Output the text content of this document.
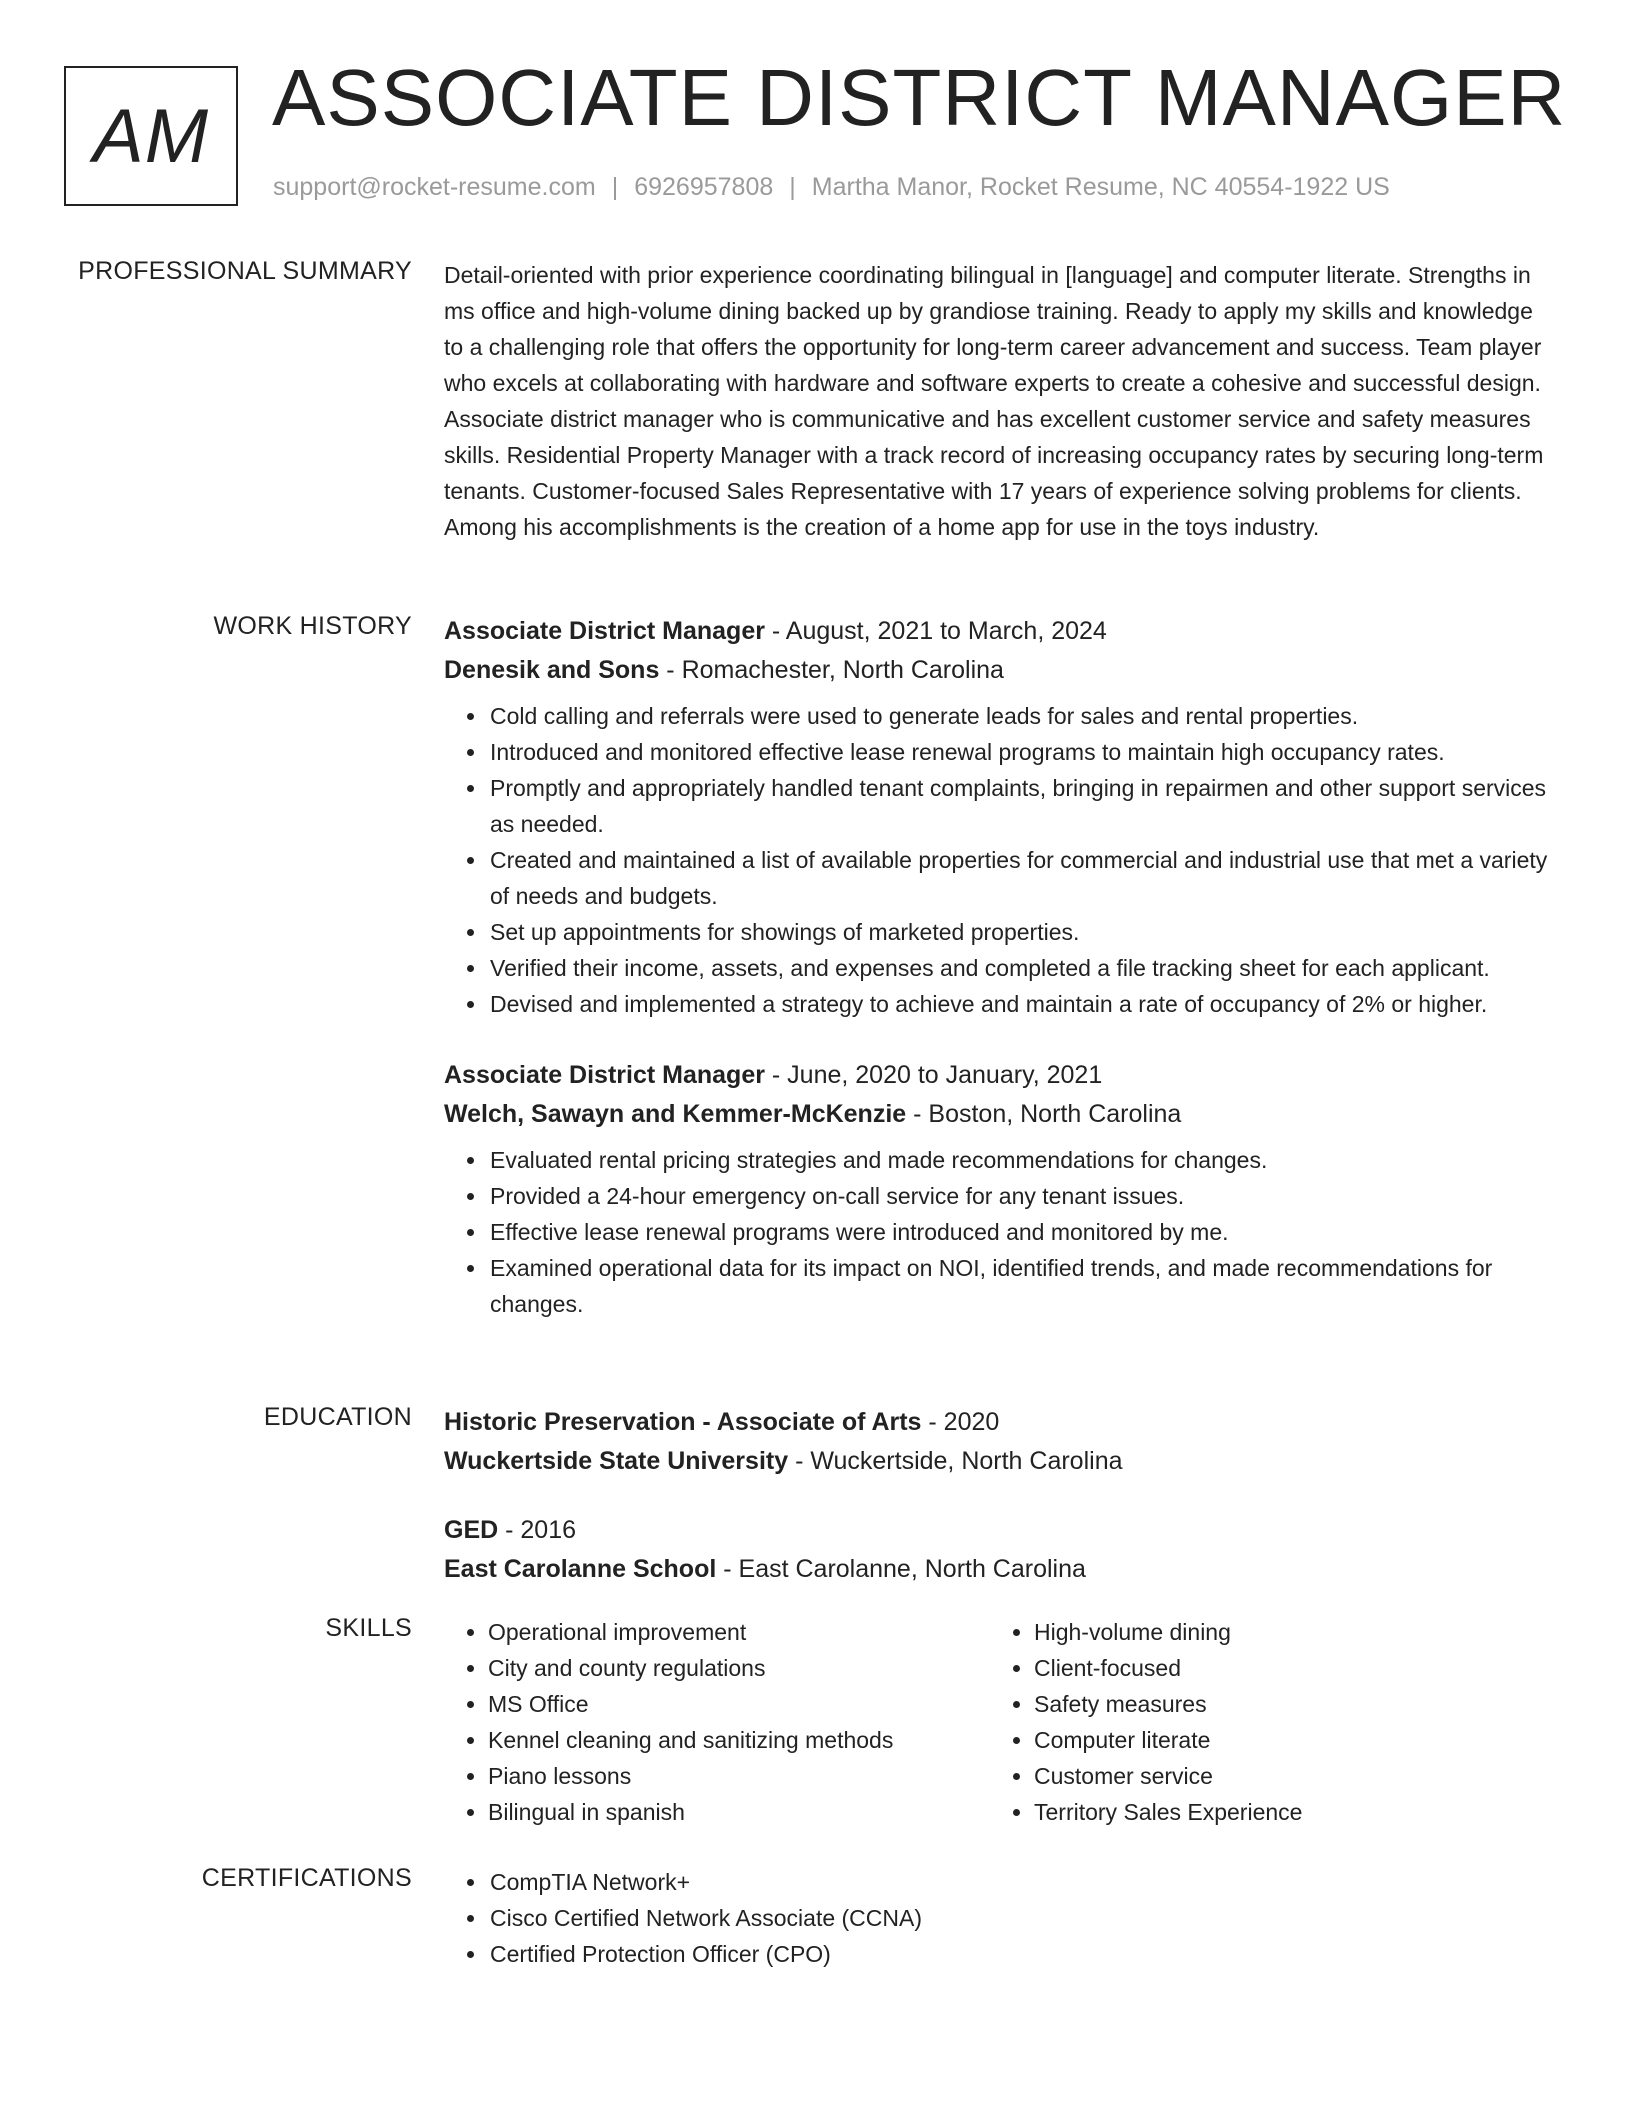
AM ASSOCIATE DISTRICT MANAGER
support@rocket-resume.com | 6926957808 | Martha Manor, Rocket Resume, NC 40554-1922 US
PROFESSIONAL SUMMARY Detail-oriented with prior experience coordinating bilingual in [language] and computer literate. Strengths in ms office and high-volume dining backed up by grandiose training. Ready to apply my skills and knowledge to a challenging role that offers the opportunity for long-term career advancement and success. Team player who excels at collaborating with hardware and software experts to create a cohesive and successful design. Associate district manager who is communicative and has excellent customer service and safety measures skills. Residential Property Manager with a track record of increasing occupancy rates by securing long-term tenants. Customer-focused Sales Representative with 17 years of experience solving problems for clients. Among his accomplishments is the creation of a home app for use in the toys industry.

WORK HISTORY Associate District Manager - August, 2021 to March, 2024
Denesik and Sons - Romachester, North Carolina
• Cold calling and referrals were used to generate leads for sales and rental properties.
• Introduced and monitored effective lease renewal programs to maintain high occupancy rates.
• Promptly and appropriately handled tenant complaints, bringing in repairmen and other support services as needed.
• Created and maintained a list of available properties for commercial and industrial use that met a variety of needs and budgets.
• Set up appointments for showings of marketed properties.
• Verified their income, assets, and expenses and completed a file tracking sheet for each applicant.
• Devised and implemented a strategy to achieve and maintain a rate of occupancy of 2% or higher.
Associate District Manager - June, 2020 to January, 2021
Welch, Sawayn and Kemmer-McKenzie - Boston, North Carolina
• Evaluated rental pricing strategies and made recommendations for changes.
• Provided a 24-hour emergency on-call service for any tenant issues.
• Effective lease renewal programs were introduced and monitored by me.
• Examined operational data for its impact on NOI, identified trends, and made recommendations for changes.
EDUCATION Historic Preservation - Associate of Arts - 2020
Wuckertside State University - Wuckertside, North Carolina
GED - 2016
East Carolanne School - East Carolanne, North Carolina
SKILLS	• Operational improvement
• City and county regulations
• MS Office
• Kennel cleaning and sanitizing methods
• Piano lessons
• Bilingual in spanish
• High-volume dining
• Client-focused
• Safety measures
• Computer literate
• Customer service
• Territory Sales Experience
CERTIFICATIONS	• CompTIA Network+
• Cisco Certified Network Associate (CCNA)
• Certified Protection Officer (CPO)
